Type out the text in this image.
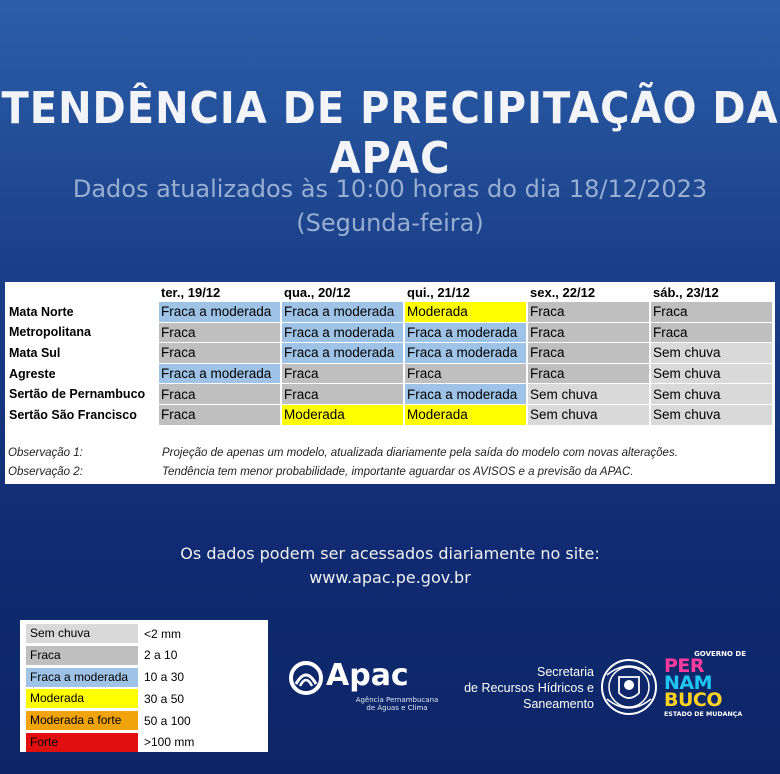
TENDÊNCIA DE PRECIPITAÇÃO DA APAC
Dados atualizados às 10:00 horas do dia 18/12/2023
(Segunda-feira)
	ter., 19/12	qua., 20/12	qui., 21/12	sex., 22/12	sáb., 23/12
Mata Norte	Fraca a moderada	Fraca a moderada	Moderada	Fraca	Fraca
Metropolitana	Fraca	Fraca a moderada	Fraca a moderada	Fraca	Fraca
Mata Sul	Fraca	Fraca a moderada	Fraca a moderada	Fraca	Sem chuva
Agreste	Fraca a moderada	Fraca	Fraca	Fraca	Sem chuva
Sertão de Pernambuco	Fraca	Fraca	Fraca a moderada	Sem chuva	Sem chuva
Sertão São Francisco	Fraca	Moderada	Moderada	Sem chuva	Sem chuva
Observação 1:	Projeção de apenas um modelo, atualizada diariamente pela saída do modelo com novas alterações.
Observação 2:	Tendência tem menor probabilidade, importante aguardar os AVISOS e a previsão da APAC.
Os dados podem ser acessados diariamente no site:
www.apac.pe.gov.br
Sem chuva	<2 mm
Fraca	2 a 10
Fraca a moderada	10 a 30
Moderada	30 a 50
Moderada a forte	50 a 100
Forte	>100 mm
Apac
Agência Pernambucana
de Águas e Clima
Secretaria
de Recursos Hídricos e
Saneamento
GOVERNO DE
PER
NAM
BUCO
ESTADO DE MUDANÇA
